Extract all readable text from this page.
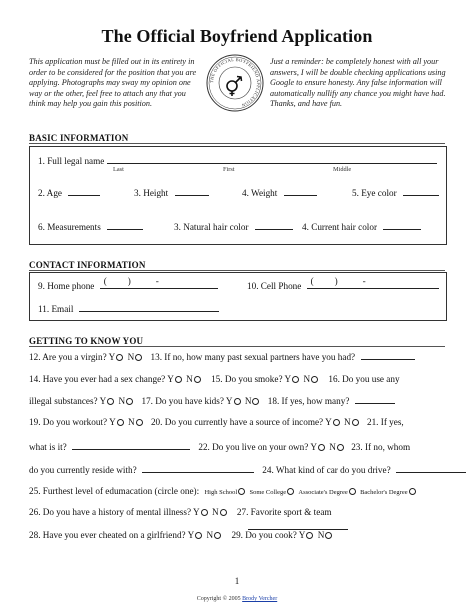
The Official Boyfriend Application
This application must be filled out in its entirety in order to be considered for the position that you are applying. Photographs may sway my opinion one way or the other, feel free to attach any that you think may help you gain this position.
THE OFFICIAL BOYFRIEND APPLICATION
Just a reminder: be completely honest with all your answers, I will be double checking applications using Google to ensure honesty. Any false information will automatically nullify any chance you might have had. Thanks, and have fun.
BASIC INFORMATION
1. Full legal name
Last	First	Middle
2. Age	3. Height	4. Weight	5. Eye color
6. Measurements	3. Natural hair color	4. Current hair color
CONTACT INFORMATION
9. Home phone ( )	-	10. Cell Phone ( )	-
11. Email
GETTING TO KNOW YOU
12. Are you a virgin? Y N 13. If no, how many past sexual partners have you had?
14. Have you ever had a sex change? Y N 15. Do you smoke? Y N 16. Do you use any
illegal substances? Y N 17. Do you have kids? Y N 18. If yes, how many?
19. Do you workout? Y N 20. Do you currently have a source of income? Y N 21. If yes,
what is it?	22. Do you live on your own? Y N 23. If no, whom
do you currently reside with?	24. What kind of car do you drive?
25. Furthest level of edumacation (circle one): High School Some College Associate's Degree Bachelor's Degree
26. Do you have a history of mental illness? Y N 27. Favorite sport & team
28. Have you ever cheated on a girlfriend? Y N 29. Do you cook? Y N
1
Copyright © 2005 Brody Vercher
